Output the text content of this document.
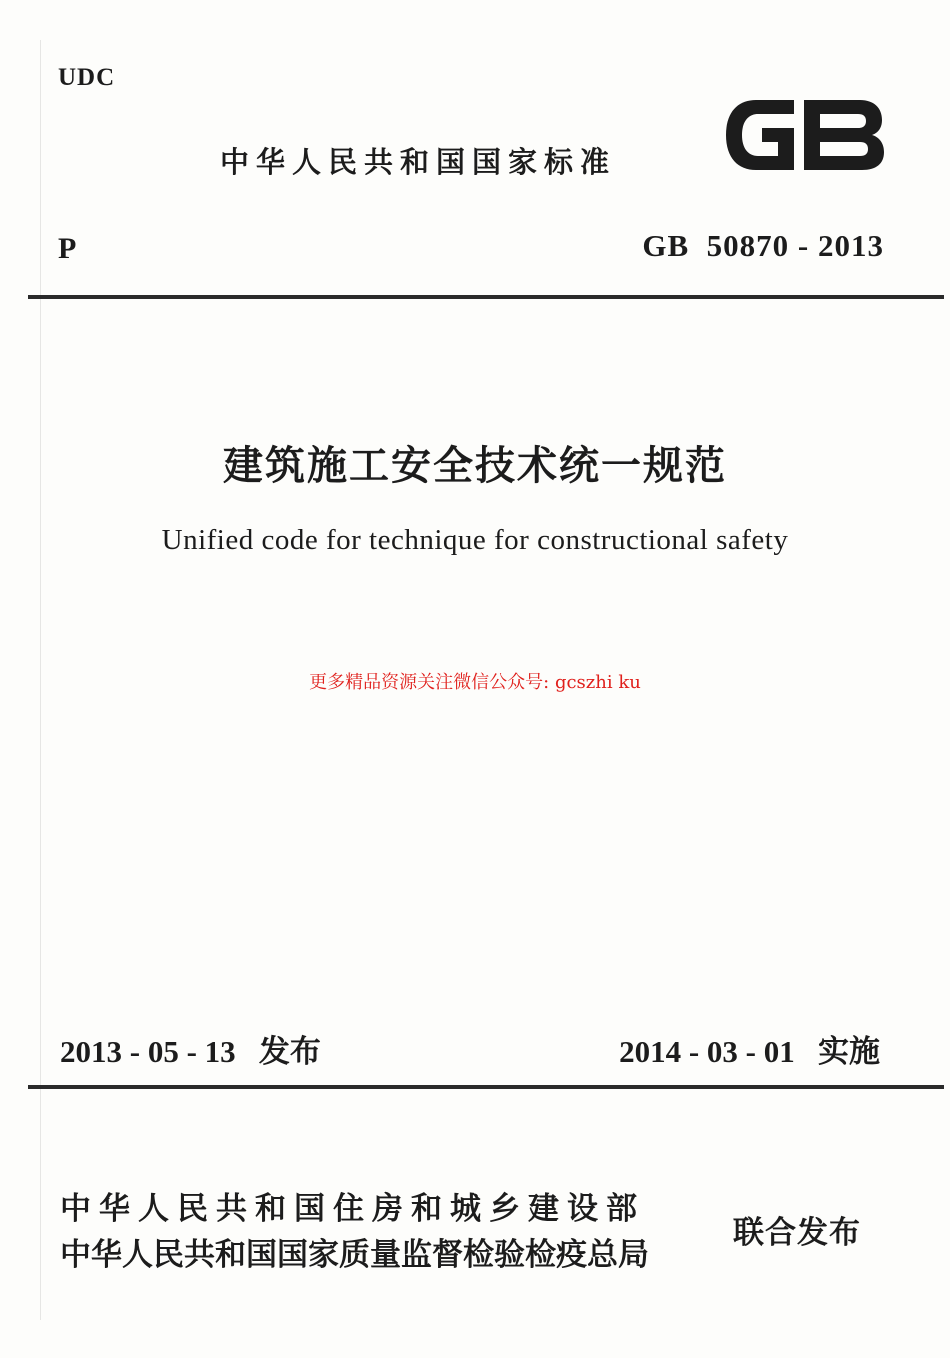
UDC
中华人民共和国国家标准
P	GB  50870 - 2013
建筑施工安全技术统一规范
Unified code for technique for constructional safety
更多精品资源关注微信公众号: gcszhi ku
2013 - 05 - 13 发布	2014 - 03 - 01 实施
中华人民共和国住房和城乡建设部
中华人民共和国国家质量监督检验检疫总局
联合发布
